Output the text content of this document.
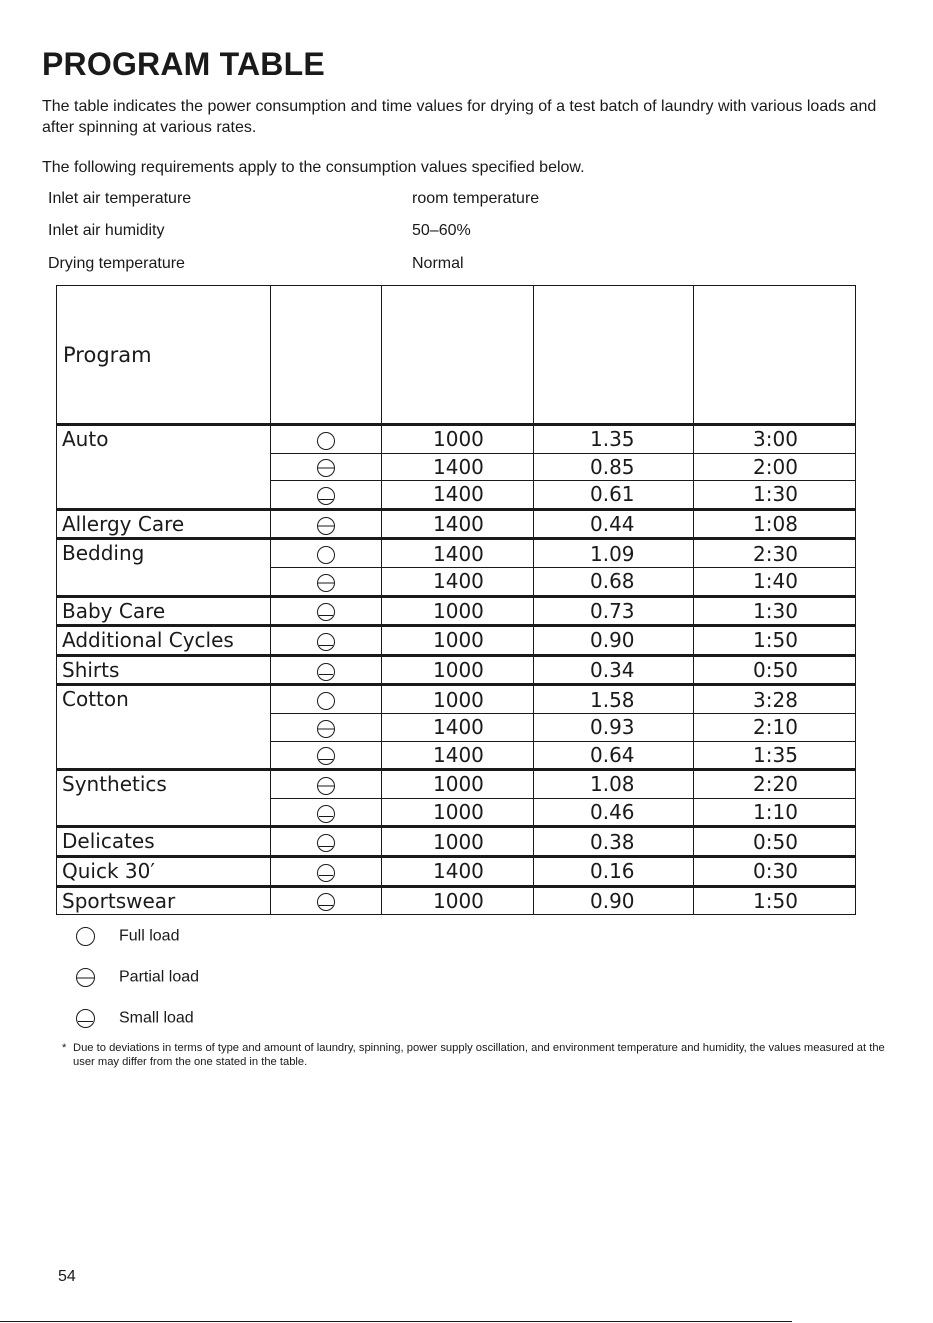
PROGRAM TABLE
The table indicates the power consumption and time values for drying of a test batch of laundry with various loads and after spinning at various rates.
The following requirements apply to the consumption values specified below.
Inlet air temperature	room temperature
Inlet air humidity	50–60%
Drying temperature	Normal
Program				
Auto		1000	1.35	3:00
		1400	0.85	2:00
		1400	0.61	1:30
Allergy Care		1400	0.44	1:08
Bedding		1400	1.09	2:30
		1400	0.68	1:40
Baby Care		1000	0.73	1:30
Additional Cycles		1000	0.90	1:50
Shirts		1000	0.34	0:50
Cotton		1000	1.58	3:28
		1400	0.93	2:10
		1400	0.64	1:35
Synthetics		1000	1.08	2:20
		1000	0.46	1:10
Delicates		1000	0.38	0:50
Quick 30′		1400	0.16	0:30
Sportswear		1000	0.90	1:50
Full load
Partial load
Small load
* Due to deviations in terms of type and amount of laundry, spinning, power supply oscillation, and environment temperature and humidity, the values measured at the user may differ from the one stated in the table.
54
